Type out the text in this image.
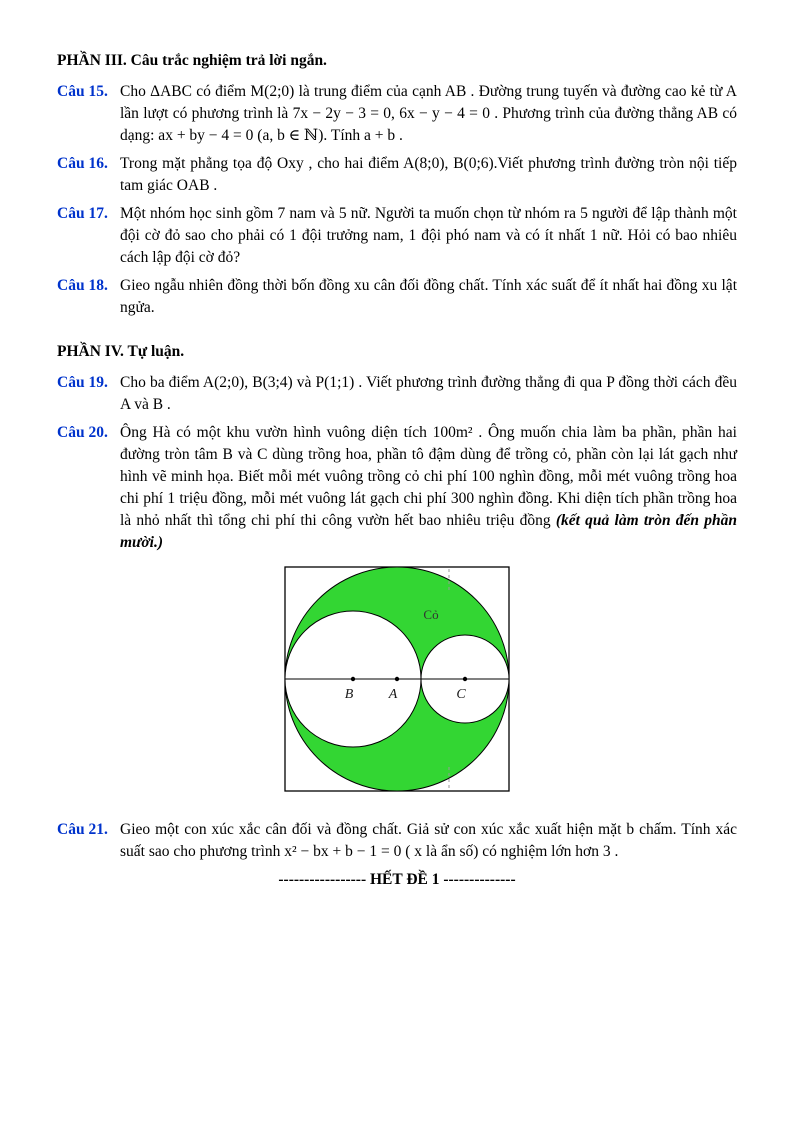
PHẦN III. Câu trắc nghiệm trả lời ngắn.
Câu 15. Cho ΔABC có điểm M(2;0) là trung điểm của cạnh AB . Đường trung tuyến và đường cao kẻ từ A lần lượt có phương trình là 7x − 2y − 3 = 0, 6x − y − 4 = 0 . Phương trình của đường thẳng AB có dạng: ax + by − 4 = 0 (a, b ∈ ℕ). Tính a + b .
Câu 16. Trong mặt phẳng tọa độ Oxy , cho hai điểm A(8;0), B(0;6).Viết phương trình đường tròn nội tiếp tam giác OAB .
Câu 17. Một nhóm học sinh gồm 7 nam và 5 nữ. Người ta muốn chọn từ nhóm ra 5 người để lập thành một đội cờ đỏ sao cho phải có 1 đội trưởng nam, 1 đội phó nam và có ít nhất 1 nữ. Hỏi có bao nhiêu cách lập đội cờ đỏ?
Câu 18. Gieo ngẫu nhiên đồng thời bốn đồng xu cân đối đồng chất. Tính xác suất để ít nhất hai đồng xu lật ngửa.
PHẦN IV. Tự luận.
Câu 19. Cho ba điểm A(2;0), B(3;4) và P(1;1) . Viết phương trình đường thẳng đi qua P đồng thời cách đều A và B .
Câu 20. Ông Hà có một khu vườn hình vuông diện tích 100m² . Ông muốn chia làm ba phần, phần hai đường tròn tâm B và C dùng trồng hoa, phần tô đậm dùng để trồng cỏ, phần còn lại lát gạch như hình vẽ minh họa. Biết mỗi mét vuông trồng cỏ chi phí 100 nghìn đồng, mỗi mét vuông trồng hoa chi phí 1 triệu đồng, mỗi mét vuông lát gạch chi phí 300 nghìn đồng. Khi diện tích phần trồng hoa là nhỏ nhất thì tổng chi phí thi công vườn hết bao nhiêu triệu đồng (kết quả làm tròn đến phần mười.)
Cỏ
B	A	C
Câu 21. Gieo một con xúc xắc cân đối và đồng chất. Giả sử con xúc xắc xuất hiện mặt b chấm. Tính xác suất sao cho phương trình x² − bx + b − 1 = 0 ( x là ẩn số) có nghiệm lớn hơn 3 .
----------------- HẾT ĐỀ 1 --------------
